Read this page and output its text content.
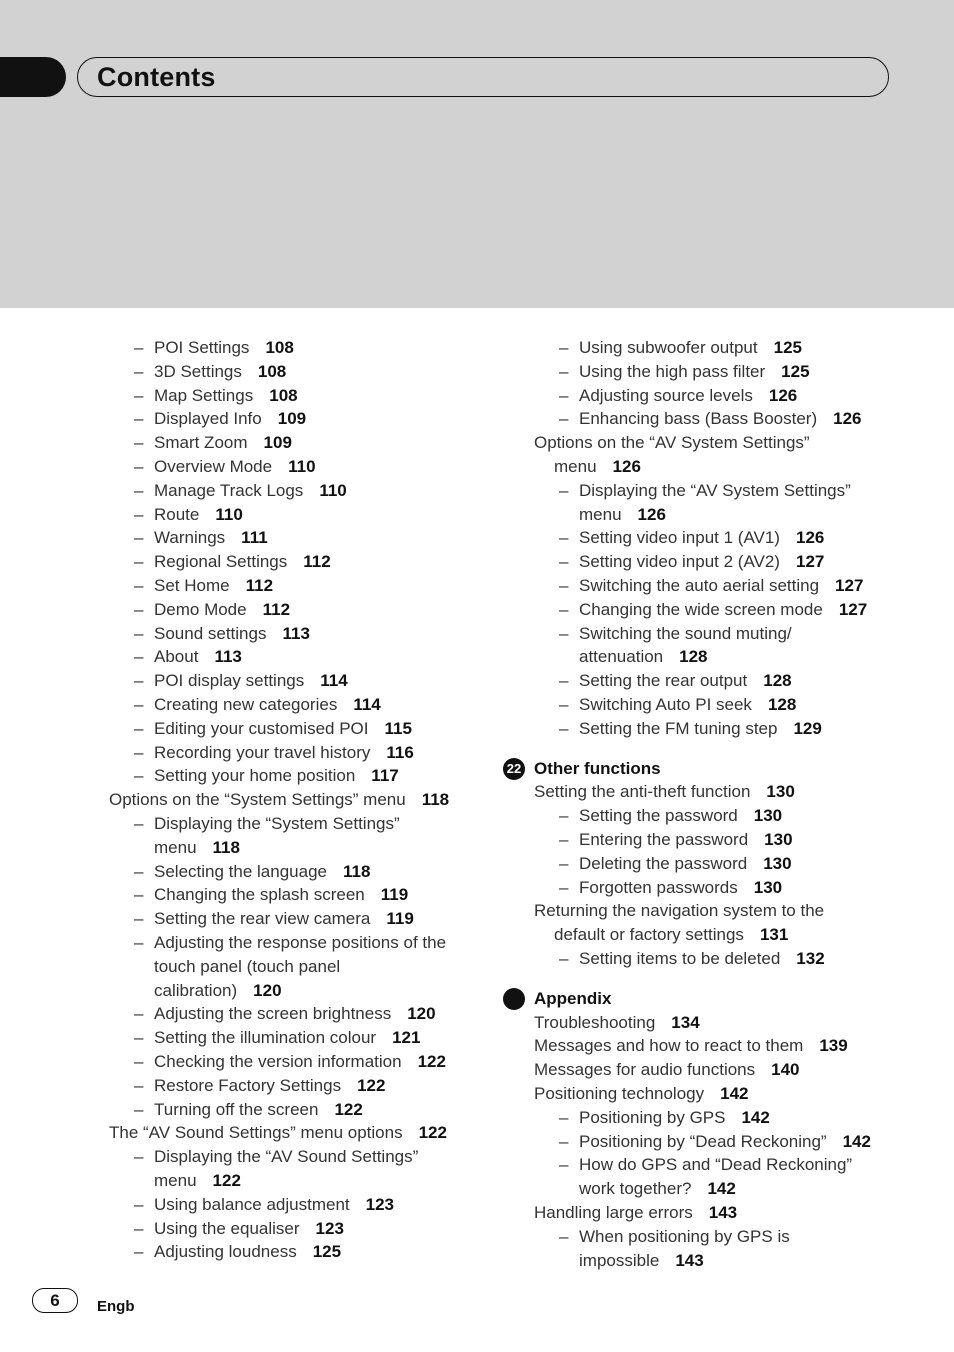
Contents
– POI Settings 108
– 3D Settings 108
– Map Settings 108
– Displayed Info 109
– Smart Zoom 109
– Overview Mode 110
– Manage Track Logs 110
– Route 110
– Warnings 111
– Regional Settings 112
– Set Home 112
– Demo Mode 112
– Sound settings 113
– About 113
– POI display settings 114
– Creating new categories 114
– Editing your customised POI 115
– Recording your travel history 116
– Setting your home position 117
Options on the “System Settings” menu 118
– Displaying the “System Settings”
menu 118
– Selecting the language 118
– Changing the splash screen 119
– Setting the rear view camera 119
– Adjusting the response positions of the
touch panel (touch panel
calibration) 120
– Adjusting the screen brightness 120
– Setting the illumination colour 121
– Checking the version information 122
– Restore Factory Settings 122
– Turning off the screen 122
The “AV Sound Settings” menu options 122
– Displaying the “AV Sound Settings”
menu 122
– Using balance adjustment 123
– Using the equaliser 123
– Adjusting loudness 125
– Using subwoofer output 125
– Using the high pass filter 125
– Adjusting source levels 126
– Enhancing bass (Bass Booster) 126
Options on the “AV System Settings”
menu 126
– Displaying the “AV System Settings”
menu 126
– Setting video input 1 (AV1) 126
– Setting video input 2 (AV2) 127
– Switching the auto aerial setting 127
– Changing the wide screen mode 127
– Switching the sound muting/
attenuation 128
– Setting the rear output 128
– Switching Auto PI seek 128
– Setting the FM tuning step 129
22 Other functions
Setting the anti-theft function 130
– Setting the password 130
– Entering the password 130
– Deleting the password 130
– Forgotten passwords 130
Returning the navigation system to the
default or factory settings 131
– Setting items to be deleted 132
Appendix
Troubleshooting 134
Messages and how to react to them 139
Messages for audio functions 140
Positioning technology 142
– Positioning by GPS 142
– Positioning by “Dead Reckoning” 142
– How do GPS and “Dead Reckoning”
work together? 142
Handling large errors 143
– When positioning by GPS is
impossible 143
6	Engb
